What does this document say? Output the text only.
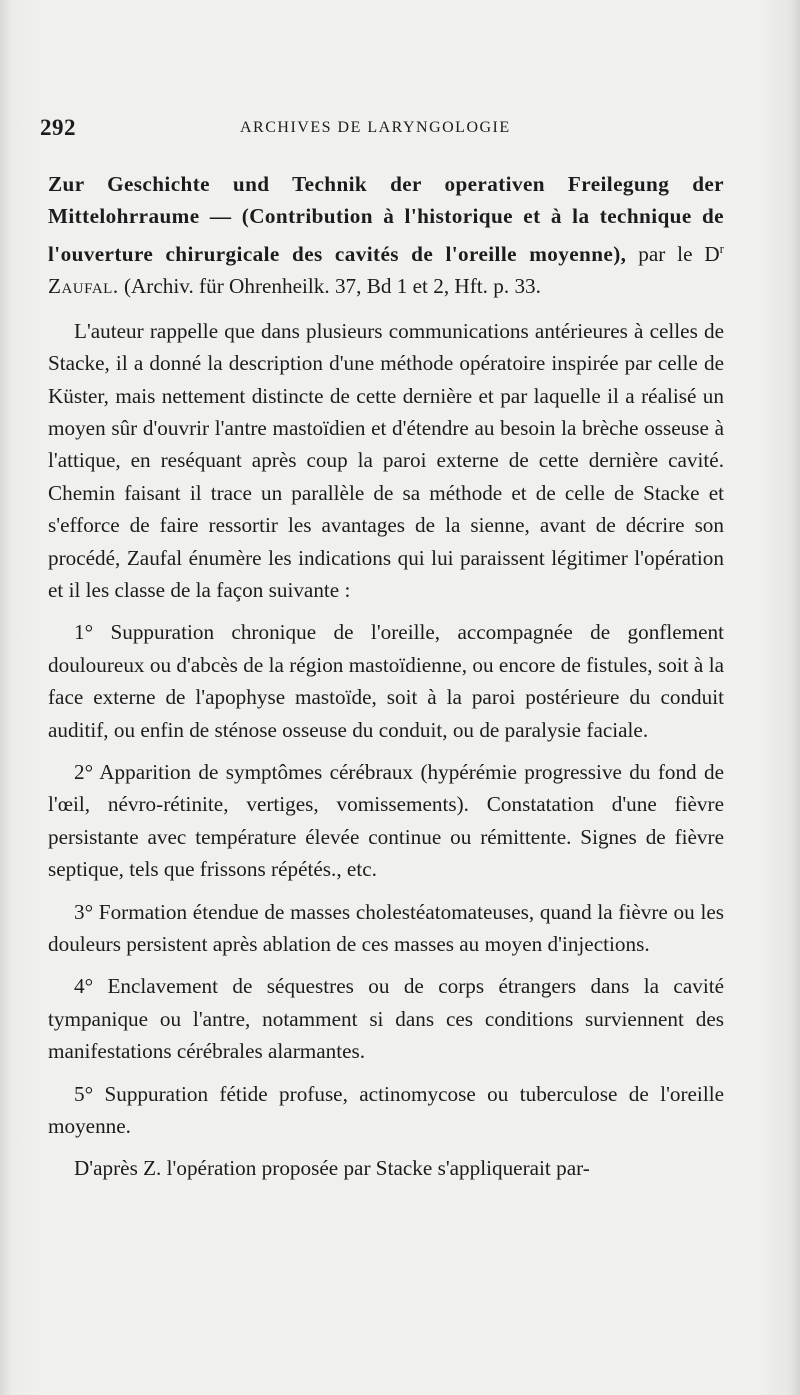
292	ARCHIVES DE LARYNGOLOGIE
Zur Geschichte und Technik der operativen Freilegung der Mittelohrraume — (Contribution à l'historique et à la technique de l'ouverture chirurgicale des cavités de l'oreille moyenne), par le $D^r$ Zaufal. (Archiv. für Ohrenheilk. 37, Bd 1 et 2, Hft. p. 33.

L'auteur rappelle que dans plusieurs communications antérieures à celles de Stacke, il a donné la description d'une méthode opératoire inspirée par celle de Küster, mais nettement distincte de cette dernière et par laquelle il a réalisé un moyen sûr d'ouvrir l'antre mastoïdien et d'étendre au besoin la brèche osseuse à l'attique, en reséquant après coup la paroi externe de cette dernière cavité. Chemin faisant il trace un parallèle de sa méthode et de celle de Stacke et s'efforce de faire ressortir les avantages de la sienne, avant de décrire son procédé, Zaufal énumère les indications qui lui paraissent légitimer l'opération et il les classe de la façon suivante :

1° Suppuration chronique de l'oreille, accompagnée de gonflement douloureux ou d'abcès de la région mastoïdienne, ou encore de fistules, soit à la face externe de l'apophyse mastoïde, soit à la paroi postérieure du conduit auditif, ou enfin de sténose osseuse du conduit, ou de paralysie faciale.

2° Apparition de symptômes cérébraux (hypérémie progressive du fond de l'œil, névro-rétinite, vertiges, vomissements). Constatation d'une fièvre persistante avec température élevée continue ou rémittente. Signes de fièvre septique, tels que frissons répétés., etc.

3° Formation étendue de masses cholestéatomateuses, quand la fièvre ou les douleurs persistent après ablation de ces masses au moyen d'injections.

4° Enclavement de séquestres ou de corps étrangers dans la cavité tympanique ou l'antre, notamment si dans ces conditions surviennent des manifestations cérébrales alarmantes.

5° Suppuration fétide profuse, actinomycose ou tuberculose de l'oreille moyenne.

D'après Z. l'opération proposée par Stacke s'appliquerait par-
